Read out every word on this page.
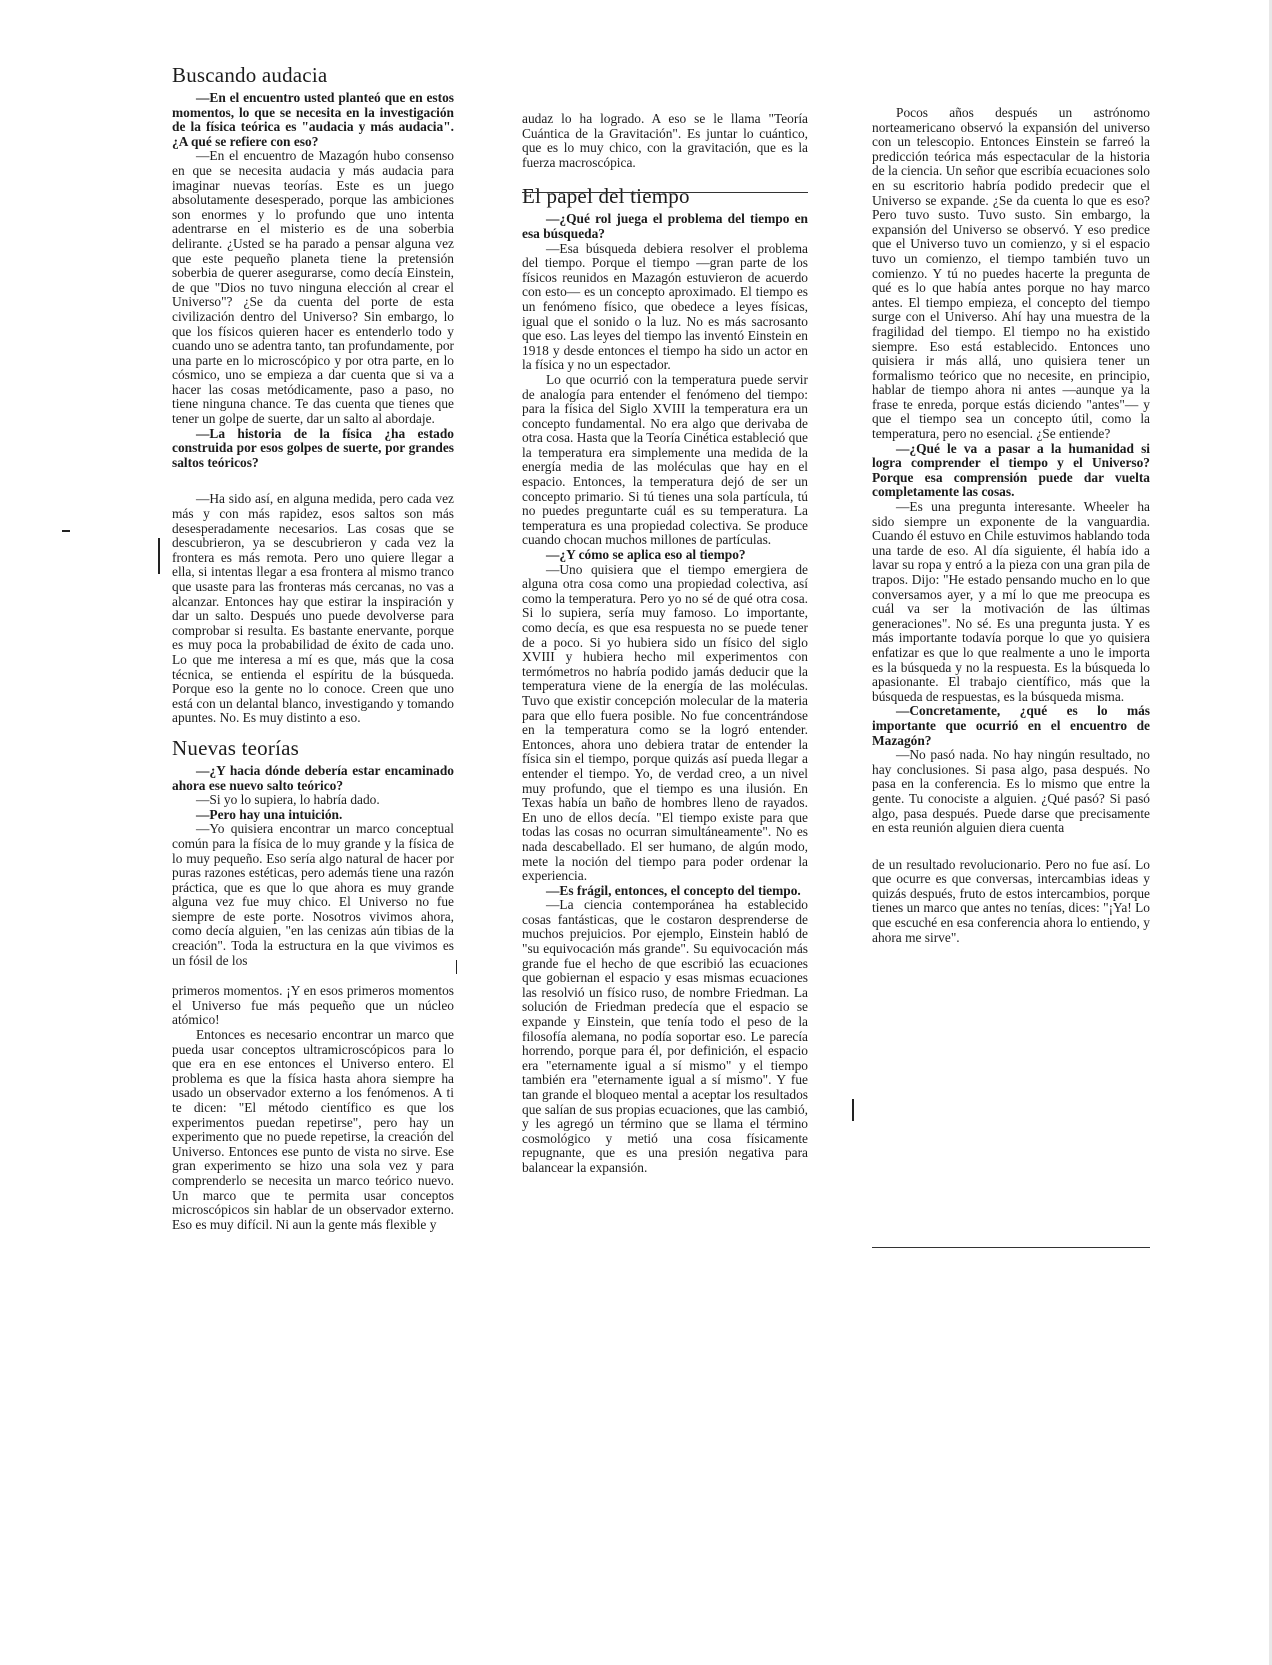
Buscando audacia

—En el encuentro usted planteó que en estos momentos, lo que se necesita en la investigación de la física teórica es "audacia y más audacia". ¿A qué se refiere con eso?

—En el encuentro de Mazagón hubo consenso en que se necesita audacia y más audacia para imaginar nuevas teorías. Este es un juego absolutamente desesperado, porque las ambiciones son enormes y lo profundo que uno intenta adentrarse en el misterio es de una soberbia delirante. ¿Usted se ha parado a pensar alguna vez que este pequeño planeta tiene la pretensión soberbia de querer asegurarse, como decía Einstein, de que "Dios no tuvo ninguna elección al crear el Universo"? ¿Se da cuenta del porte de esta civilización dentro del Universo? Sin embargo, lo que los físicos quieren hacer es entenderlo todo y cuando uno se adentra tanto, tan profundamente, por una parte en lo microscópico y por otra parte, en lo cósmico, uno se empieza a dar cuenta que si va a hacer las cosas metódicamente, paso a paso, no tiene ninguna chance. Te das cuenta que tienes que tener un golpe de suerte, dar un salto al abordaje.

—La historia de la física ¿ha estado construida por esos golpes de suerte, por grandes saltos teóricos?

—Ha sido así, en alguna medida, pero cada vez más y con más rapidez, esos saltos son más desesperadamente necesarios. Las cosas que se descubrieron, ya se descubrieron y cada vez la frontera es más remota. Pero uno quiere llegar a ella, si intentas llegar a esa frontera al mismo tranco que usaste para las fronteras más cercanas, no vas a alcanzar. Entonces hay que estirar la inspiración y dar un salto. Después uno puede devolverse para comprobar si resulta. Es bastante enervante, porque es muy poca la probabilidad de éxito de cada uno. Lo que me interesa a mí es que, más que la cosa técnica, se entienda el espíritu de la búsqueda. Porque eso la gente no lo conoce. Creen que uno está con un delantal blanco, investigando y tomando apuntes. No. Es muy distinto a eso.

Nuevas teorías

—¿Y hacia dónde debería estar encaminado ahora ese nuevo salto teórico?

—Si yo lo supiera, lo habría dado.

—Pero hay una intuición.

—Yo quisiera encontrar un marco conceptual común para la física de lo muy grande y la física de lo muy pequeño. Eso sería algo natural de hacer por puras razones estéticas, pero además tiene una razón práctica, que es que lo que ahora es muy grande alguna vez fue muy chico. El Universo no fue siempre de este porte. Nosotros vivimos ahora, como decía alguien, "en las cenizas aún tibias de la creación". Toda la estructura en la que vivimos es un fósil de los

primeros momentos. ¡Y en esos primeros momentos el Universo fue más pequeño que un núcleo atómico!

Entonces es necesario encontrar un marco que pueda usar conceptos ultramicroscópicos para lo que era en ese entonces el Universo entero. El problema es que la física hasta ahora siempre ha usado un observador externo a los fenómenos. A ti te dicen: "El método científico es que los experimentos puedan repetirse", pero hay un experimento que no puede repetirse, la creación del Universo. Entonces ese punto de vista no sirve. Ese gran experimento se hizo una sola vez y para comprenderlo se necesita un marco teórico nuevo. Un marco que te permita usar conceptos microscópicos sin hablar de un observador externo. Eso es muy difícil. Ni aun la gente más flexible y

audaz lo ha logrado. A eso se le llama "Teoría Cuántica de la Gravitación". Es juntar lo cuántico, que es lo muy chico, con la gravitación, que es la fuerza macroscópica.

El papel del tiempo

—¿Qué rol juega el problema del tiempo en esa búsqueda?

—Esa búsqueda debiera resolver el problema del tiempo. Porque el tiempo —gran parte de los físicos reunidos en Mazagón estuvieron de acuerdo con esto— es un concepto aproximado. El tiempo es un fenómeno físico, que obedece a leyes físicas, igual que el sonido o la luz. No es más sacrosanto que eso. Las leyes del tiempo las inventó Einstein en 1918 y desde entonces el tiempo ha sido un actor en la física y no un espectador.

Lo que ocurrió con la temperatura puede servir de analogía para entender el fenómeno del tiempo: para la física del Siglo XVIII la temperatura era un concepto fundamental. No era algo que derivaba de otra cosa. Hasta que la Teoría Cinética estableció que la temperatura era simplemente una medida de la energía media de las moléculas que hay en el espacio. Entonces, la temperatura dejó de ser un concepto primario. Si tú tienes una sola partícula, tú no puedes preguntarte cuál es su temperatura. La temperatura es una propiedad colectiva. Se produce cuando chocan muchos millones de partículas.

—¿Y cómo se aplica eso al tiempo?

—Uno quisiera que el tiempo emergiera de alguna otra cosa como una propiedad colectiva, así como la temperatura. Pero yo no sé de qué otra cosa. Si lo supiera, sería muy famoso. Lo importante, como decía, es que esa respuesta no se puede tener de a poco. Si yo hubiera sido un físico del siglo XVIII y hubiera hecho mil experimentos con termómetros no habría podido jamás deducir que la temperatura viene de la energía de las moléculas. Tuvo que existir concepción molecular de la materia para que ello fuera posible. No fue concentrándose en la temperatura como se la logró entender. Entonces, ahora uno debiera tratar de entender la física sin el tiempo, porque quizás así pueda llegar a entender el tiempo. Yo, de verdad creo, a un nivel muy profundo, que el tiempo es una ilusión. En Texas había un baño de hombres lleno de rayados. En uno de ellos decía. "El tiempo existe para que todas las cosas no ocurran simultáneamente". No es nada descabellado. El ser humano, de algún modo, mete la noción del tiempo para poder ordenar la experiencia.

—Es frágil, entonces, el concepto del tiempo.

—La ciencia contemporánea ha establecido cosas fantásticas, que le costaron desprenderse de muchos prejuicios. Por ejemplo, Einstein habló de "su equivocación más grande". Su equivocación más grande fue el hecho de que escribió las ecuaciones que gobiernan el espacio y esas mismas ecuaciones las resolvió un físico ruso, de nombre Friedman. La solución de Friedman predecía que el espacio se expande y Einstein, que tenía todo el peso de la filosofía alemana, no podía soportar eso. Le parecía horrendo, porque para él, por definición, el espacio era "eternamente igual a sí mismo" y el tiempo también era "eternamente igual a sí mismo". Y fue tan grande el bloqueo mental a aceptar los resultados que salían de sus propias ecuaciones, que las cambió, y les agregó un término que se llama el término cosmológico y metió una cosa físicamente repugnante, que es una presión negativa para balancear la expansión.

Pocos años después un astrónomo norteamericano observó la expansión del universo con un telescopio. Entonces Einstein se farreó la predicción teórica más espectacular de la historia de la ciencia. Un señor que escribía ecuaciones solo en su escritorio habría podido predecir que el Universo se expande. ¿Se da cuenta lo que es eso? Pero tuvo susto. Tuvo susto. Sin embargo, la expansión del Universo se observó. Y eso predice que el Universo tuvo un comienzo, y si el espacio tuvo un comienzo, el tiempo también tuvo un comienzo. Y tú no puedes hacerte la pregunta de qué es lo que había antes porque no hay marco antes. El tiempo empieza, el concepto del tiempo surge con el Universo. Ahí hay una muestra de la fragilidad del tiempo. El tiempo no ha existido siempre. Eso está establecido. Entonces uno quisiera ir más allá, uno quisiera tener un formalismo teórico que no necesite, en principio, hablar de tiempo ahora ni antes —aunque ya la frase te enreda, porque estás diciendo "antes"— y que el tiempo sea un concepto útil, como la temperatura, pero no esencial. ¿Se entiende?

—¿Qué le va a pasar a la humanidad si logra comprender el tiempo y el Universo? Porque esa comprensión puede dar vuelta completamente las cosas.

—Es una pregunta interesante. Wheeler ha sido siempre un exponente de la vanguardia. Cuando él estuvo en Chile estuvimos hablando toda una tarde de eso. Al día siguiente, él había ido a lavar su ropa y entró a la pieza con una gran pila de trapos. Dijo: "He estado pensando mucho en lo que conversamos ayer, y a mí lo que me preocupa es cuál va ser la motivación de las últimas generaciones". No sé. Es una pregunta justa. Y es más importante todavía porque lo que yo quisiera enfatizar es que lo que realmente a uno le importa es la búsqueda y no la respuesta. Es la búsqueda lo apasionante. El trabajo científico, más que la búsqueda de respuestas, es la búsqueda misma.

—Concretamente, ¿qué es lo más importante que ocurrió en el encuentro de Mazagón?

—No pasó nada. No hay ningún resultado, no hay conclusiones. Si pasa algo, pasa después. No pasa en la conferencia. Es lo mismo que entre la gente. Tu conociste a alguien. ¿Qué pasó? Si pasó algo, pasa después. Puede darse que precisamente en esta reunión alguien diera cuenta

de un resultado revolucionario. Pero no fue así. Lo que ocurre es que conversas, intercambias ideas y quizás después, fruto de estos intercambios, porque tienes un marco que antes no tenías, dices: "¡Ya! Lo que escuché en esa conferencia ahora lo entiendo, y ahora me sirve".
